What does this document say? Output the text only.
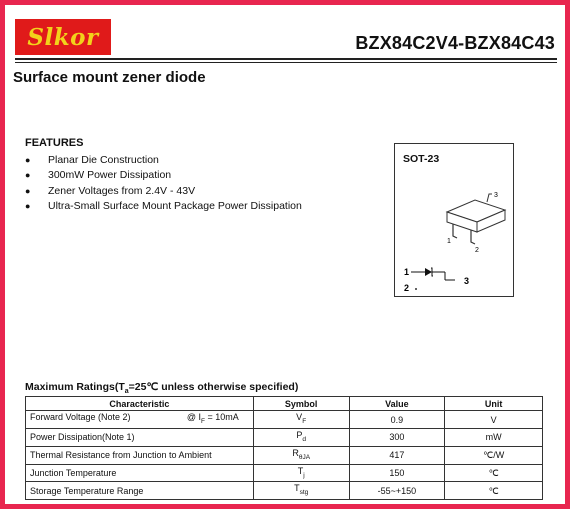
Slkor	BZX84C2V4-BZX84C43
Surface mount zener diode
FEATURES
●	Planar Die Construction
●	300mW Power Dissipation
●	Zener Voltages from 2.4V - 43V
●	Ultra-Small Surface Mount Package Power Dissipation
SOT-23
3
1
2
1
3
2
Maximum $Ratings(T_a=25℃$ unless otherwise specified)
Characteristic	Symbol	Value	Unit
Forward Voltage (Note 2) @ $I_F = 10mA$	$V_F$	0.9	V
Power Dissipation(Note 1)	$P_d$	300	mW
Thermal Resistance from Junction to Ambient	$R_{\theta JA}$	417	℃/W
Junction Temperature	$T_j$	150	℃
Storage Temperature Range	$T_{stg}$	-55~+150	℃
